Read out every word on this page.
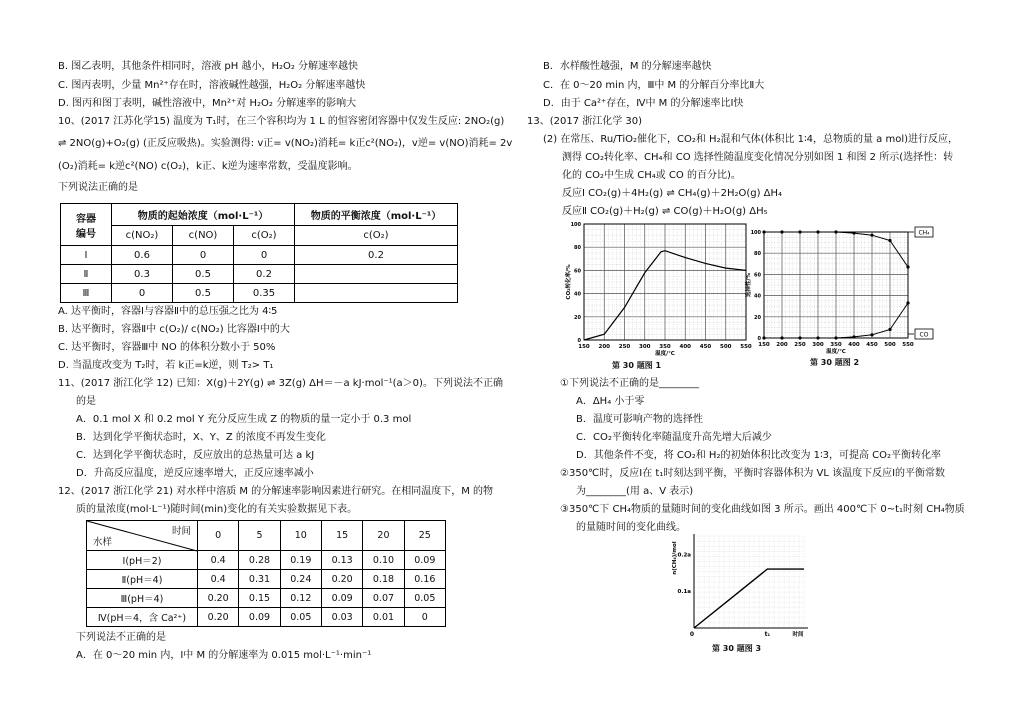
B. 图乙表明，其他条件相同时，溶液 pH 越小，H₂O₂ 分解速率越快
C. 图丙表明，少量 Mn²⁺存在时，溶液碱性越强，H₂O₂ 分解速率越快
D. 图丙和图丁表明，碱性溶液中，Mn²⁺对 H₂O₂ 分解速率的影响大
10、(2017 江苏化学15) 温度为 T₁时，在三个容积均为 1 L 的恒容密闭容器中仅发生反应: 2NO₂(g)
⇌ 2NO(g)+O₂(g) (正反应吸热)。实验测得: v正= v(NO₂)消耗= k正c²(NO₂)，v逆= v(NO)消耗= 2v
(O₂)消耗= k逆c²(NO) c(O₂)，k正、k逆为速率常数，受温度影响。
下列说法正确的是
容器
编号	物质的起始浓度（mol·L⁻¹）			物质的平衡浓度（mol·L⁻¹）
	c(NO₂)	c(NO)	c(O₂)	c(O₂)
Ⅰ	0.6	0	0	0.2
Ⅱ	0.3	0.5	0.2	
Ⅲ	0	0.5	0.35	
A. 达平衡时，容器Ⅰ与容器Ⅱ中的总压强之比为 4∶5
B. 达平衡时，容器Ⅱ中 c(O₂)/ c(NO₂) 比容器Ⅰ中的大
C. 达平衡时，容器Ⅲ中 NO 的体积分数小于 50%
D. 当温度改变为 T₂时，若 k正=k逆，则 T₂> T₁
11、(2017 浙江化学 12) 已知：X(g)＋2Y(g) ⇌ 3Z(g) ΔH＝－a kJ·mol⁻¹(a＞0)。下列说法不正确
的是
A．0.1 mol X 和 0.2 mol Y 充分反应生成 Z 的物质的量一定小于 0.3 mol
B．达到化学平衡状态时，X、Y、Z 的浓度不再发生变化
C．达到化学平衡状态时，反应放出的总热量可达 a kJ
D．升高反应温度，逆反应速率增大，正反应速率减小
12、(2017 浙江化学 21) 对水样中溶质 M 的分解速率影响因素进行研究。在相同温度下，M 的物
质的量浓度(mol·L⁻¹)随时间(min)变化的有关实验数据见下表。
时间
水样	0	5	10	15	20	25
Ⅰ(pH＝2)	0.4	0.28	0.19	0.13	0.10	0.09
Ⅱ(pH＝4)	0.4	0.31	0.24	0.20	0.18	0.16
Ⅲ(pH＝4)	0.20	0.15	0.12	0.09	0.07	0.05
Ⅳ(pH＝4，含 Ca²⁺)	0.20	0.09	0.05	0.03	0.01	0
下列说法不正确的是
A．在 0～20 min 内，Ⅰ中 M 的分解速率为 0.015 mol·L⁻¹·min⁻¹
B．水样酸性越强，M 的分解速率越快
C．在 0～20 min 内，Ⅲ中 M 的分解百分率比Ⅱ大
D．由于 Ca²⁺存在，Ⅳ中 M 的分解速率比Ⅰ快
13、(2017 浙江化学 30)
(2) 在常压、Ru/TiO₂催化下，CO₂和 H₂混和气体(体积比 1∶4，总物质的量 a mol)进行反应，
测得 CO₂转化率、CH₄和 CO 选择性随温度变化情况分别如图 1 和图 2 所示(选择性：转
化的 CO₂中生成 CH₄或 CO 的百分比)。
反应Ⅰ CO₂(g)＋4H₂(g) ⇌ CH₄(g)＋2H₂O(g) ΔH₄
反应Ⅱ CO₂(g)＋H₂(g) ⇌ CO(g)＋H₂O(g) ΔH₅
150 200 250 300 350 400 450 500 550
0
20
40
60
80
100
温度/℃
CO₂转化率/%
第 30 题图 1
150 200 250 300 350 400 450 500 550
0
20
40
60
80
100
温度/℃
选择性/%
CH₄
CO
第 30 题图 2
①下列说法不正确的是________
A．ΔH₄ 小于零
B．温度可影响产物的选择性
C．CO₂平衡转化率随温度升高先增大后减少
D．其他条件不变，将 CO₂和 H₂的初始体积比改变为 1∶3，可提高 CO₂平衡转化率
②350℃时，反应Ⅰ在 t₁时刻达到平衡，平衡时容器体积为 VL 该温度下反应Ⅰ的平衡常数
为________(用 a、V 表示)
③350℃下 CH₄物质的量随时间的变化曲线如图 3 所示。画出 400℃下 0~t₁时刻 CH₄物质
的量随时间的变化曲线。
0.1a
0.2a
0	t₁	时间
n(CH₄)/mol
第 30 题图 3
